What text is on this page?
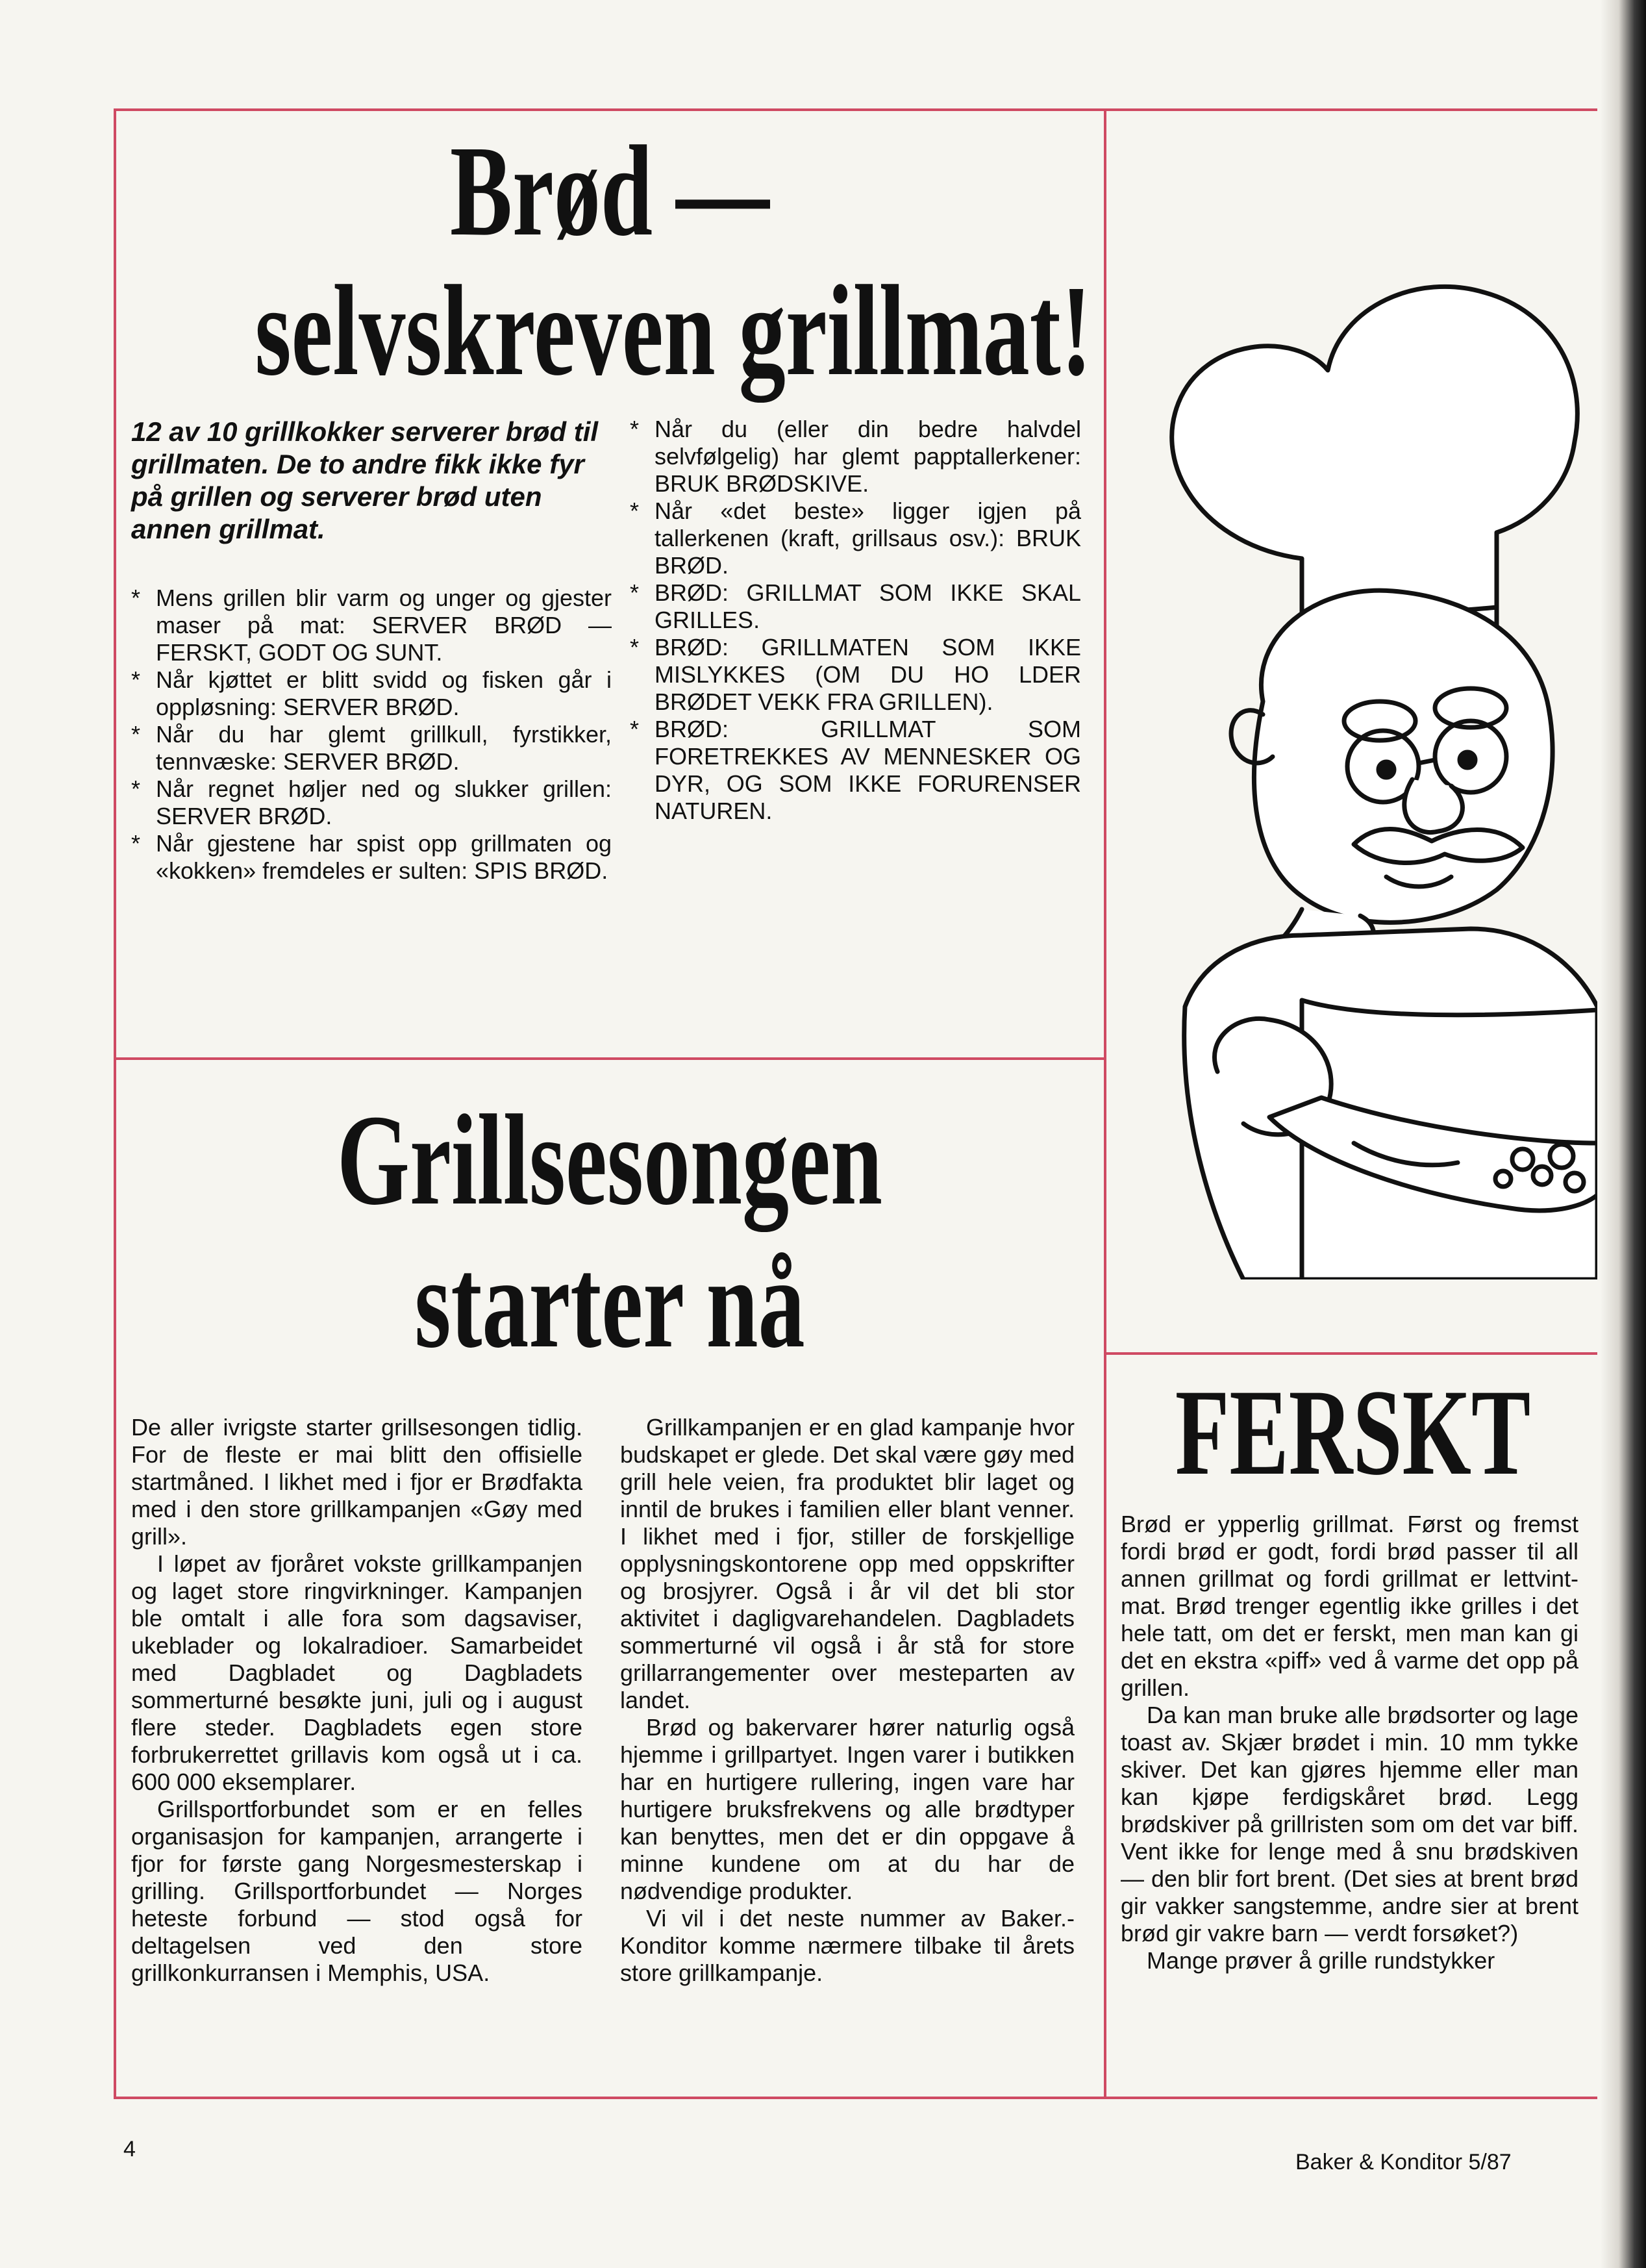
Brød —
selvskreven grillmat!

12 av 10 grillkokker serverer brød til grillmaten. De to andre fikk ikke fyr på grillen og serverer brød uten annen grillmat.

* Mens grillen blir varm og unger og gjester maser på mat: SERVER BRØD — FERSKT, GODT OG SUNT.
* Når kjøttet er blitt svidd og fisken går i oppløsning: SERVER BRØD.
* Når du har glemt grillkull, fyrstikker, tennvæske: SERVER BRØD.
* Når regnet høljer ned og slukker grillen: SERVER BRØD.
* Når gjestene har spist opp grillmaten og «kokken» fremdeles er sulten: SPIS BRØD.
* Når du (eller din bedre halvdel selvfølgelig) har glemt papptallerkener: BRUK BRØDSKIVE.
* Når «det beste» ligger igjen på tallerkenen (kraft, grillsaus osv.): BRUK BRØD.
* BRØD: GRILLMAT SOM IKKE SKAL GRILLES.
* BRØD: GRILLMATEN SOM IKKE MISLYKKES (OM DU HO LDER BRØDET VEKK FRA GRILLEN).
* BRØD: GRILLMAT SOM FORETREKKES AV MENNESKER OG DYR, OG SOM IKKE FORURENSER NATUREN.
Grillsesongen
starter nå

De aller ivrigste starter grillsesongen tidlig. For de fleste er mai blitt den offisielle startmåned. I likhet med i fjor er Brødfakta med i den store grillkampanjen «Gøy med grill».

I løpet av fjoråret vokste grillkampanjen og laget store ringvirkninger. Kampanjen ble omtalt i alle fora som dagsaviser, ukeblader og lokalradioer. Samarbeidet med Dagbladet og Dagbladets sommerturné besøkte juni, juli og i august flere steder. Dagbladets egen store forbrukerrettet grillavis kom også ut i ca. 600 000 eksemplarer.

Grillsportforbundet som er en felles organisasjon for kampanjen, arrangerte i fjor for første gang Norgesmesterskap i grilling. Grillsportforbundet — Norges heteste forbund — stod også for deltagelsen ved den store grillkonkurransen i Memphis, USA.

Grillkampanjen er en glad kampanje hvor budskapet er glede. Det skal være gøy med grill hele veien, fra produktet blir laget og inntil de brukes i familien eller blant venner. I likhet med i fjor, stiller de forskjellige opplysningskontorene opp med oppskrifter og brosjyrer. Også i år vil det bli stor aktivitet i dagligvarehandelen. Dagbladets sommerturné vil også i år stå for store grillarrangementer over mesteparten av landet.

Brød og bakervarer hører naturlig også hjemme i grillpartyet. Ingen varer i butikken har en hurtigere rullering, ingen vare har hurtigere bruksfrekvens og alle brødtyper kan benyttes, men det er din oppgave å minne kundene om at du har de nødvendige produkter.

Vi vil i det neste nummer av Baker.-Konditor komme nærmere tilbake til årets store grillkampanje.

FERSKT

Brød er ypperlig grillmat. Først og fremst fordi brød er godt, fordi brød passer til all annen grillmat og fordi grillmat er lettvint-mat. Brød trenger egentlig ikke grilles i det hele tatt, om det er ferskt, men man kan gi det en ekstra «piff» ved å varme det opp på grillen.

Da kan man bruke alle brødsorter og lage toast av. Skjær brødet i min. 10 mm tykke skiver. Det kan gjøres hjemme eller man kan kjøpe ferdigskåret brød. Legg brødskiver på grillristen som om det var biff. Vent ikke for lenge med å snu brødskiven — den blir fort brent. (Det sies at brent brød gir vakker sangstemme, andre sier at brent brød gir vakre barn — verdt forsøket?)

Mange prøver å grille rundstykker

4
Baker & Konditor 5/87
